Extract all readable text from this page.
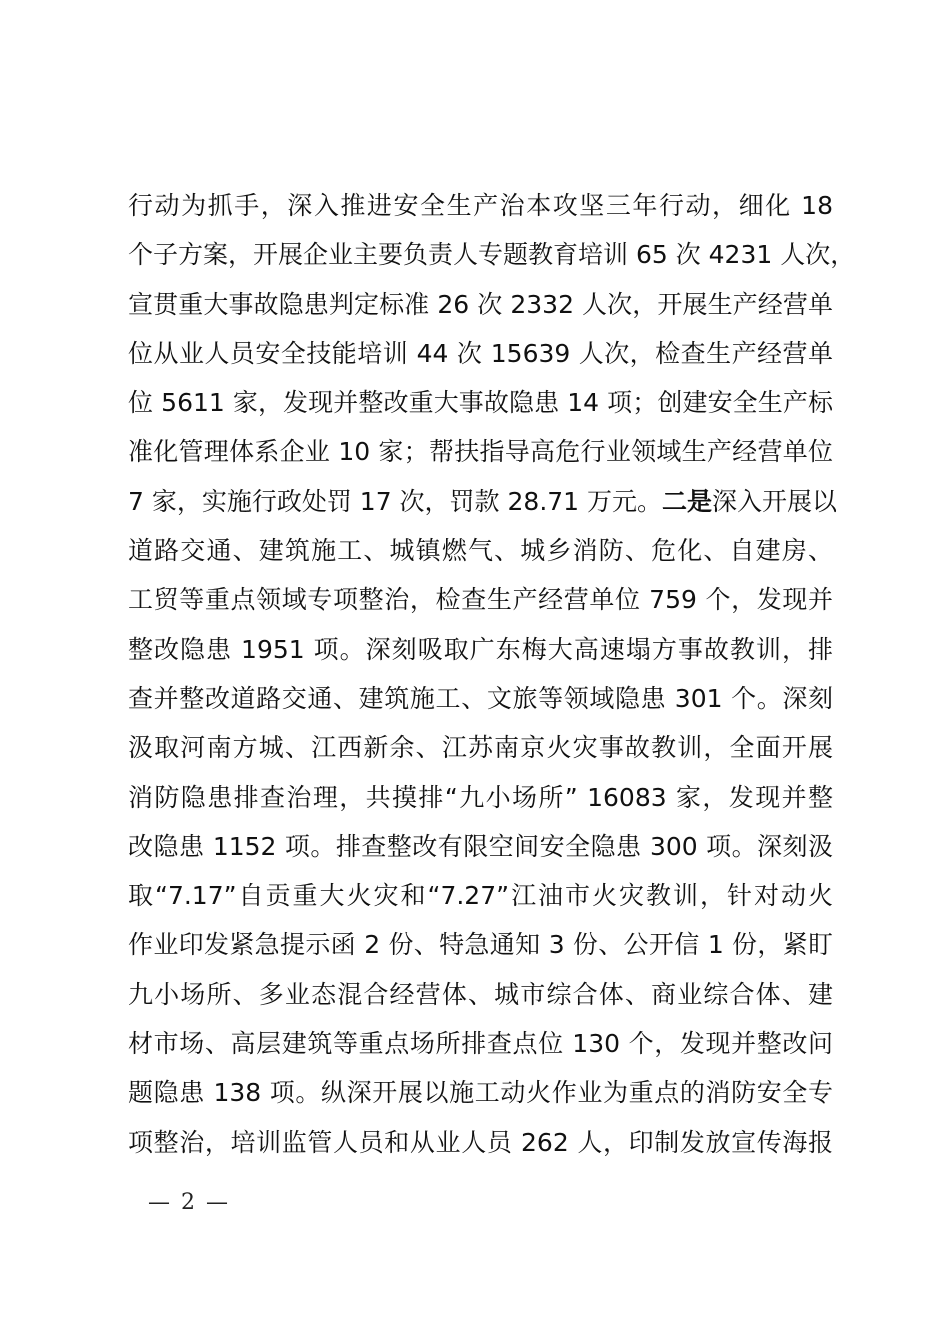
行动为抓手，深入推进安全生产治本攻坚三年行动，细化 18
个子方案，开展企业主要负责人专题教育培训 65 次 4231 人次，
宣贯重大事故隐患判定标准 26 次 2332 人次，开展生产经营单
位从业人员安全技能培训 44 次 15639 人次，检查生产经营单
位 5611 家，发现并整改重大事故隐患 14 项；创建安全生产标
准化管理体系企业 10 家；帮扶指导高危行业领域生产经营单位
7 家，实施行政处罚 17 次，罚款 28.71 万元。二是深入开展以
道路交通、建筑施工、城镇燃气、城乡消防、危化、自建房、
工贸等重点领域专项整治，检查生产经营单位 759 个，发现并
整改隐患 1951 项。深刻吸取广东梅大高速塌方事故教训，排
查并整改道路交通、建筑施工、文旅等领域隐患 301 个。深刻
汲取河南方城、江西新余、江苏南京火灾事故教训，全面开展
消防隐患排查治理，共摸排“九小场所” 16083 家，发现并整
改隐患 1152 项。排查整改有限空间安全隐患 300 项。深刻汲
取“7.17”自贡重大火灾和“7.27”江油市火灾教训，针对动火
作业印发紧急提示函 2 份、特急通知 3 份、公开信 1 份，紧盯
九小场所、多业态混合经营体、城市综合体、商业综合体、建
材市场、高层建筑等重点场所排查点位 130 个，发现并整改问
题隐患 138 项。纵深开展以施工动火作业为重点的消防安全专
项整治，培训监管人员和从业人员 262 人，印制发放宣传海报
— 2 —
